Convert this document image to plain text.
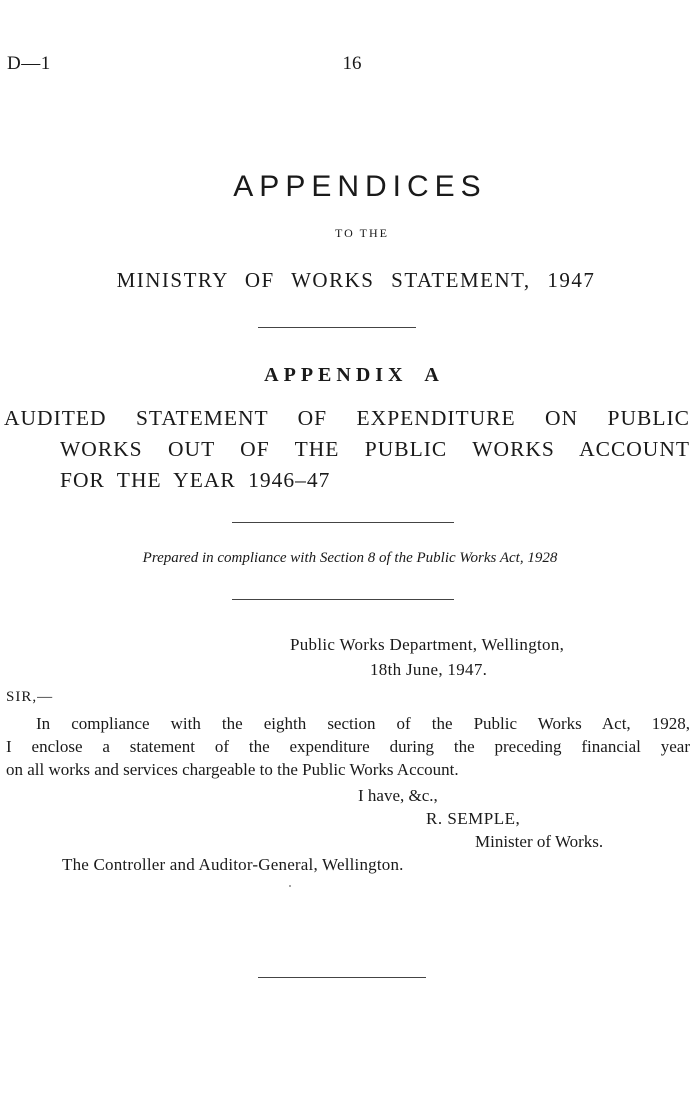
D—1	16
APPENDICES
TO THE
MINISTRY OF WORKS STATEMENT, 1947
APPENDIX A
AUDITED STATEMENT OF EXPENDITURE ON PUBLIC
WORKS OUT OF THE PUBLIC WORKS ACCOUNT
FOR THE YEAR 1946–47
Prepared in compliance with Section 8 of the Public Works Act, 1928
Public Works Department, Wellington,
18th June, 1947.
SIR,—
In compliance with the eighth section of the Public Works Act, 1928,
I enclose a statement of the expenditure during the preceding financial year
on all works and services chargeable to the Public Works Account.
I have, &c.,
R. SEMPLE,
Minister of Works.
The Controller and Auditor-General, Wellington.
